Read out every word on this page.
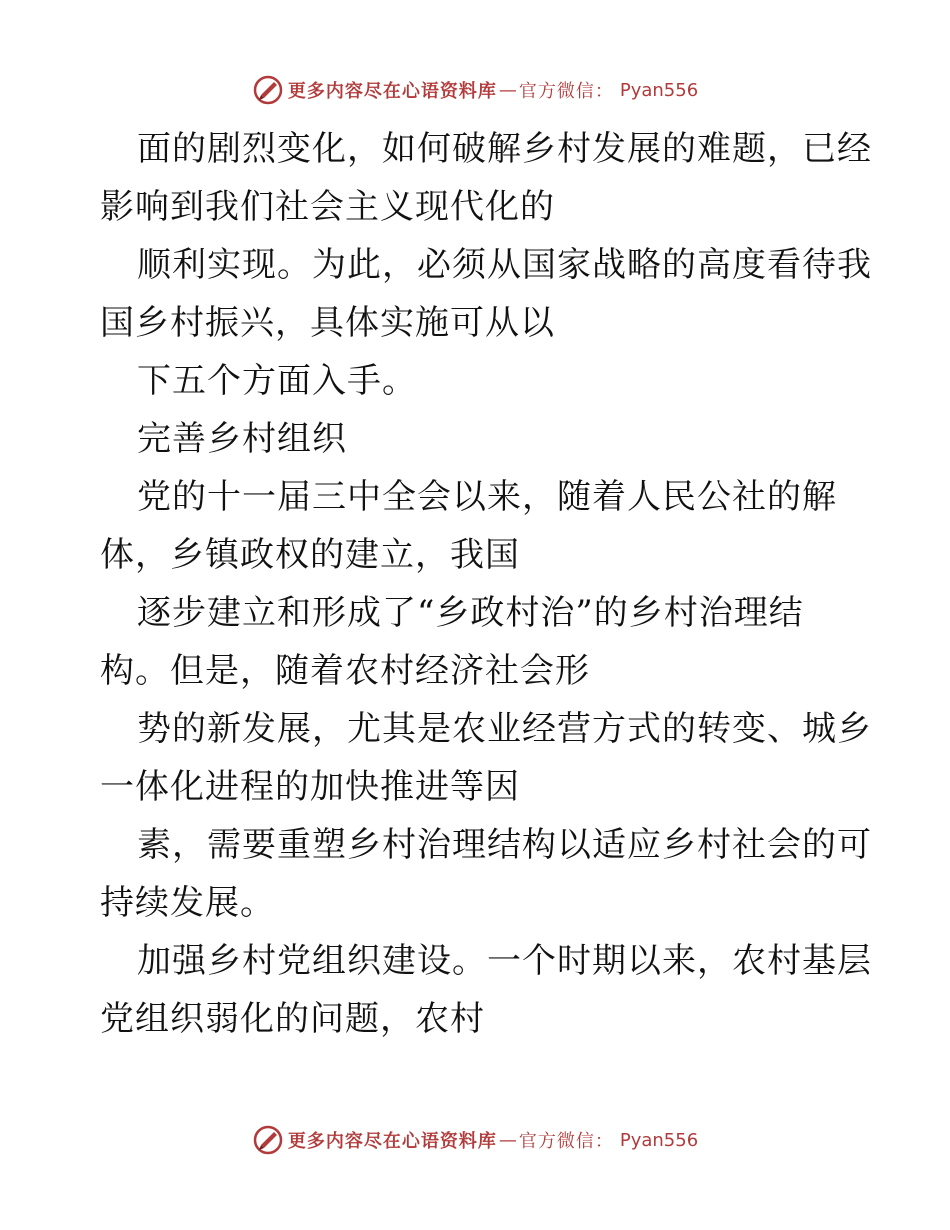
更多内容尽在心语资料库 — 官方微信： Pyan556
面的剧烈变化，如何破解乡村发展的难题，已经
影响到我们社会主义现代化的
顺利实现。为此，必须从国家战略的高度看待我
国乡村振兴，具体实施可从以
下五个方面入手。
完善乡村组织
党的十一届三中全会以来，随着人民公社的解
体，乡镇政权的建立，我国
逐步建立和形成了“乡政村治”的乡村治理结
构。但是，随着农村经济社会形
势的新发展，尤其是农业经营方式的转变、城乡
一体化进程的加快推进等因
素，需要重塑乡村治理结构以适应乡村社会的可
持续发展。
加强乡村党组织建设。一个时期以来，农村基层
党组织弱化的问题，农村
更多内容尽在心语资料库 — 官方微信： Pyan556
